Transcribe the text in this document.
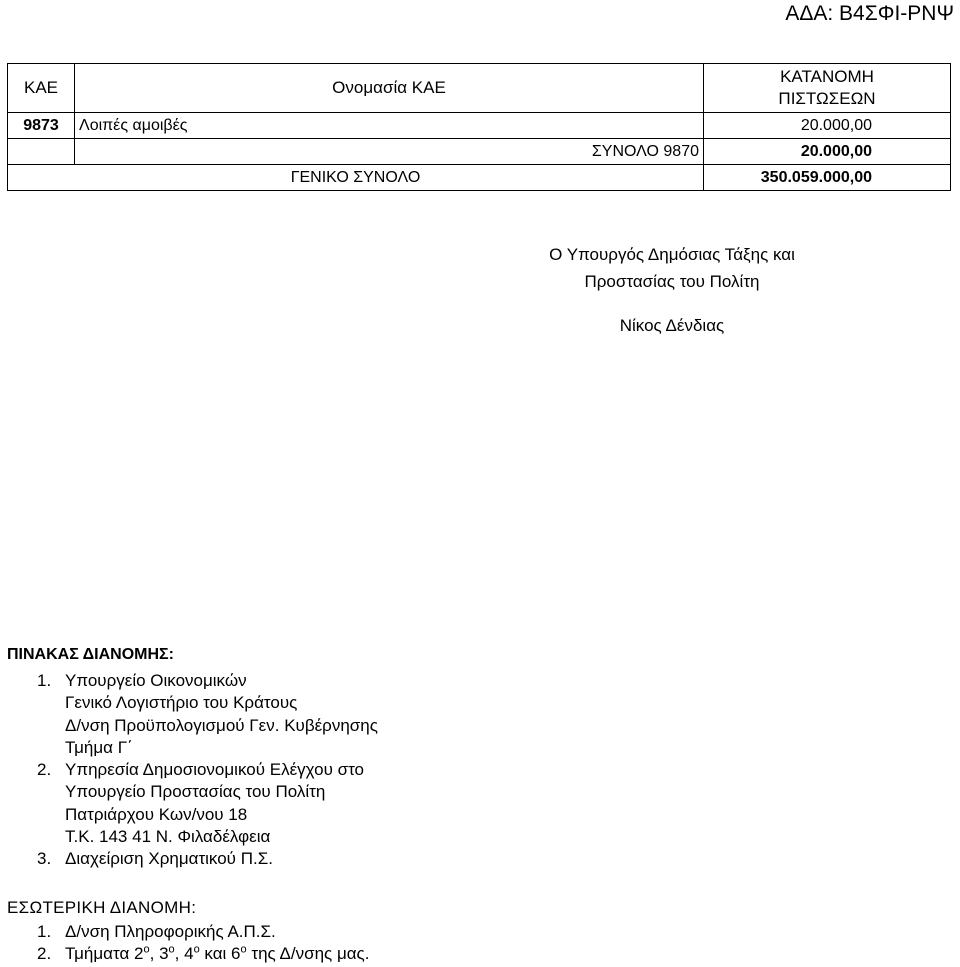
ΑΔΑ: Β4ΣΦΙ-ΡΝΨ
ΚΑΕ	Ονομασία ΚΑΕ	ΚΑΤΑΝΟΜΗ
ΠΙΣΤΩΣΕΩΝ
9873	Λοιπές αμοιβές	20.000,00
	ΣΥΝΟΛΟ 9870	20.000,00
ΓΕΝΙΚΟ ΣΥΝΟΛΟ		350.059.000,00
Ο Υπουργός Δημόσιας Τάξης και
Προστασίας του Πολίτη
Νίκος Δένδιας
ΠΙΝΑΚΑΣ ΔΙΑΝΟΜΗΣ:
1. Υπουργείο Οικονομικών
Γενικό Λογιστήριο του Κράτους
Δ/νση Προϋπολογισμού Γεν. Κυβέρνησης
Τμήμα Γ΄
2. Υπηρεσία Δημοσιονομικού Ελέγχου στο
Υπουργείο Προστασίας του Πολίτη
Πατριάρχου Κων/νου 18
Τ.Κ. 143 41 Ν. Φιλαδέλφεια
3. Διαχείριση Χρηματικού Π.Σ.
ΕΣΩΤΕΡΙΚΗ ΔΙΑΝΟΜΗ:
1. Δ/νση Πληροφορικής Α.Π.Σ.
2. Τμήματα $2^o$, $3^o$, $4^o$ και $6^o$ της Δ/νσης μας.
